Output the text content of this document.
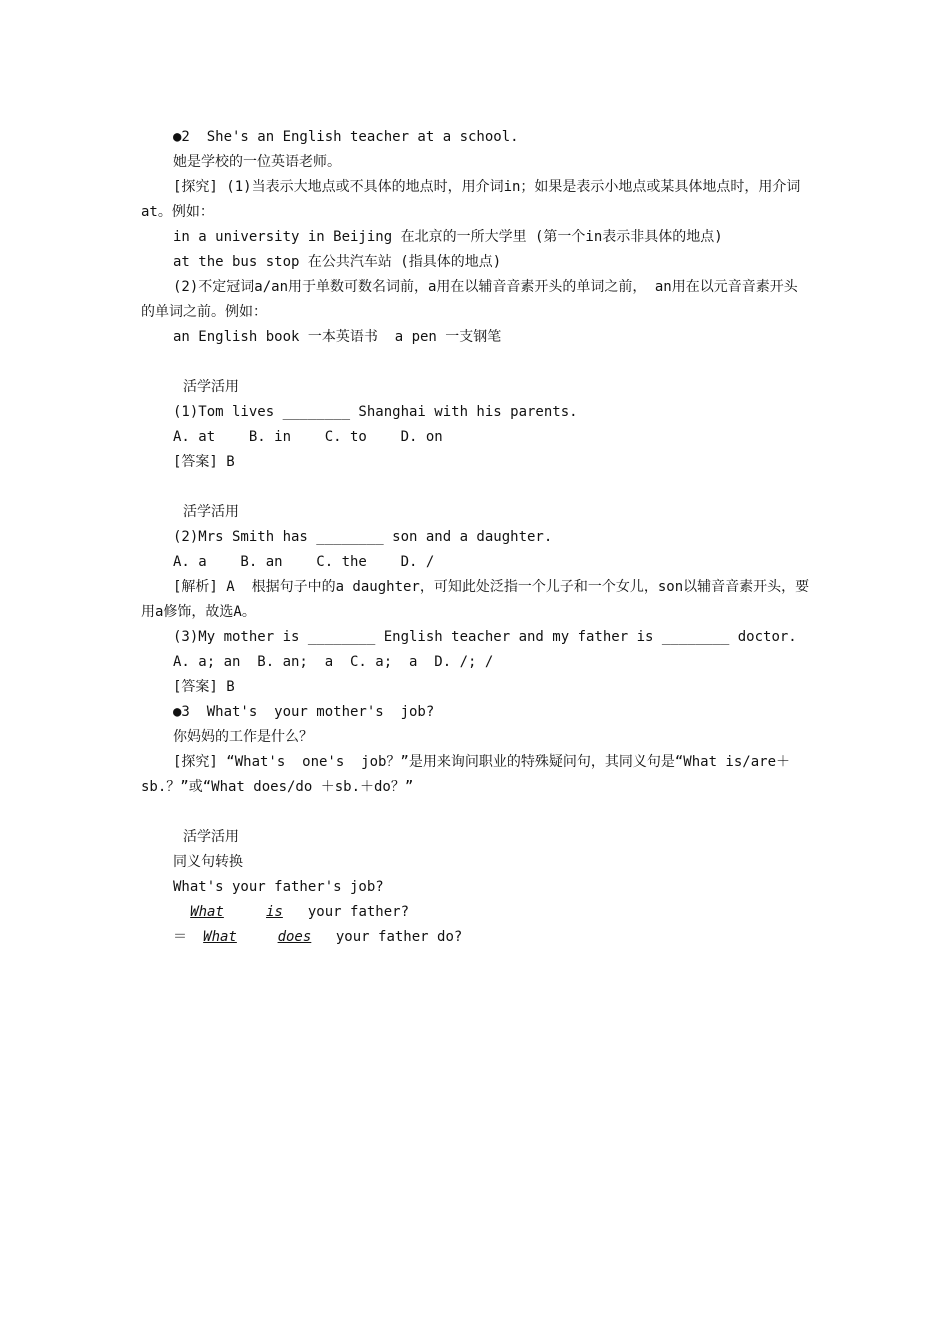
●2  She's an English teacher at a school.

她是学校的一位英语老师。

[探究] (1)当表示大地点或不具体的地点时，用介词in；如果是表示小地点或某具体地点时，用介词at。例如：

in a university in Beijing 在北京的一所大学里 (第一个in表示非具体的地点)

at the bus stop 在公共汽车站 (指具体的地点)

(2)不定冠词a/an用于单数可数名词前，a用在以辅音音素开头的单词之前， an用在以元音音素开头的单词之前。例如：

an English book 一本英语书  a pen 一支钢笔

活学活用

(1)Tom lives ________ Shanghai with his parents.

A. at    B. in    C. to    D. on

[答案] B

活学活用

(2)Mrs Smith has ________ son and a daughter.

A. a    B. an    C. the    D. /

[解析] A  根据句子中的a daughter，可知此处泛指一个儿子和一个女儿，son以辅音音素开头，要用a修饰，故选A。

(3)My mother is ________ English teacher and my father is ________ doctor.

A. a; an  B. an;  a  C. a;  a  D. /; /

[答案] B

●3  What's  your mother's  job?

你妈妈的工作是什么？

[探究] “What's  one's  job？”是用来询问职业的特殊疑问句，其同义句是“What is/are＋sb.？”或“What does/do ＋sb.＋do？”

活学活用

同义句转换

What's your father's job?

What	is your father?

＝ What	does your father do?
